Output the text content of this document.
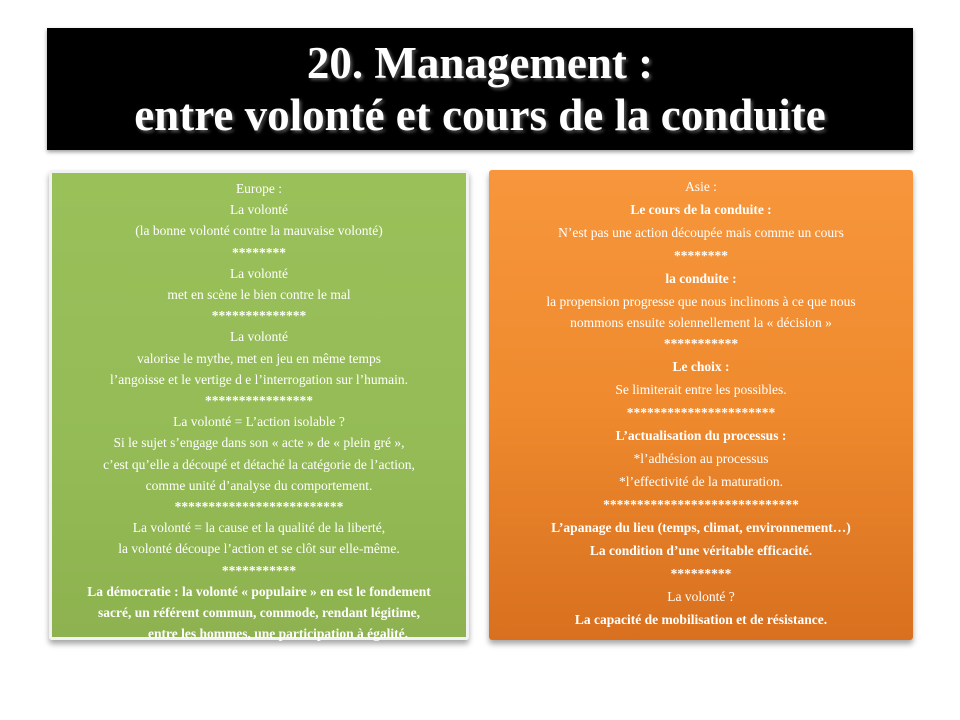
20. Management :
entre volonté et cours de la conduite
Europe :
La volonté
(la bonne volonté contre la mauvaise volonté)
********
La volonté
met en scène le bien contre le mal
**************
La volonté
valorise le mythe, met en jeu en même temps
l’angoisse et le vertige d e l’interrogation sur l’humain.
****************
La volonté = L’action isolable ?
Si le sujet s’engage dans son « acte » de « plein gré »,
c’est qu’elle a découpé et détaché la catégorie de l’action,
comme unité d’analyse du comportement.
*************************
La volonté = la cause et la qualité de la liberté,
la volonté découpe l’action et se clôt sur elle-même.
***********
La démocratie : la volonté « populaire » en est le fondement
sacré, un référent commun, commode, rendant légitime,
entre les hommes, une participation à égalité.
Asie :
Le cours de la conduite :
N’est pas une action découpée mais comme un cours
********
la conduite :
la propension progresse que nous inclinons à ce que nous
nommons ensuite solennellement la « décision »
***********
Le choix :
Se limiterait entre les possibles.
**********************
L’actualisation du processus :
*l’adhésion au processus
*l’effectivité de la maturation.
*****************************
L’apanage du lieu (temps, climat, environnement…)
La condition d’une véritable efficacité.
*********
La volonté ?
La capacité de mobilisation et de résistance.
